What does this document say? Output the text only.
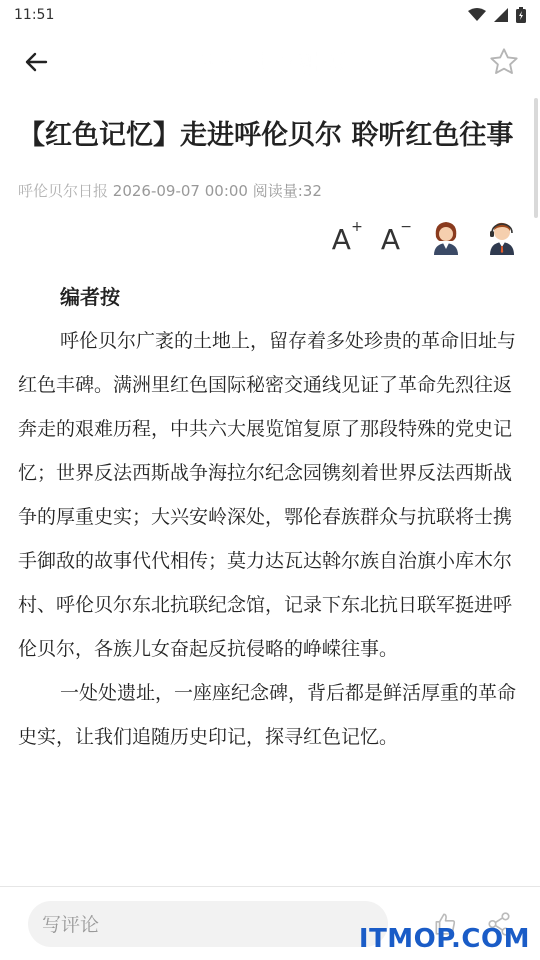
11:51
呼伦贝尔融媒
【红色记忆】走进呼伦贝尔 聆听红色往事
呼伦贝尔日报 2026-09-07 00:00 阅读量:32
A + A −
编者按

呼伦贝尔广袤的土地上，留存着多处珍贵的革命旧址与红色丰碑。满洲里红色国际秘密交通线见证了革命先烈往返奔走的艰难历程，中共六大展览馆复原了那段特殊的党史记忆；世界反法西斯战争海拉尔纪念园镌刻着世界反法西斯战争的厚重史实；大兴安岭深处，鄂伦春族群众与抗联将士携手御敌的故事代代相传；莫力达瓦达斡尔族自治旗小库木尔村、呼伦贝尔东北抗联纪念馆，记录下东北抗日联军挺进呼伦贝尔，各族儿女奋起反抗侵略的峥嵘往事。

一处处遗址，一座座纪念碑，背后都是鲜活厚重的革命史实，让我们追随历史印记，探寻红色记忆。

写评论	ITMOP.COM
